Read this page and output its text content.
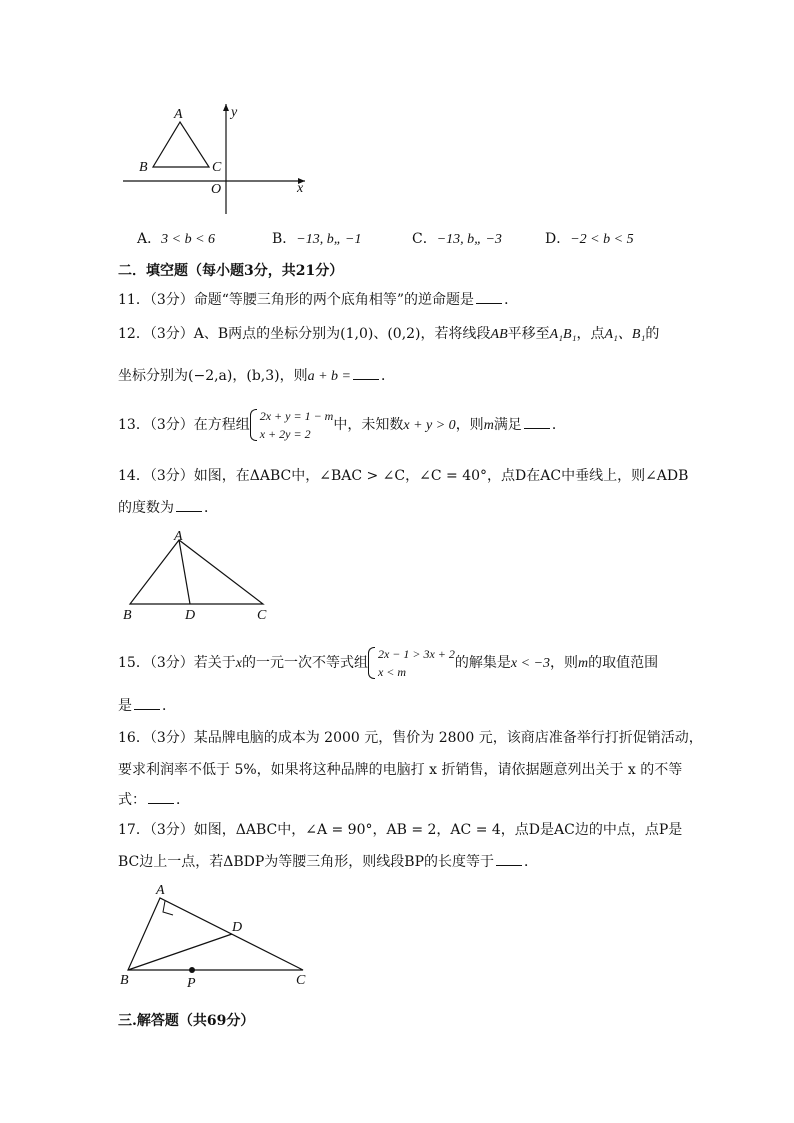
A
B	C
O	x
y
A．3 < b < 6	B．−13, b„ −1	C．−13, b„ −3	D．−2 < b < 5
二．填空题（每小题3分，共21分）
11．（3分）命题“等腰三角形的两个底角相等”的逆命题是 ．
12．（3分）A、B两点的坐标分别为(1,0)、(0,2)，若将线段AB平移至A₁B₁，点A₁、B₁的
坐标分别为(−2,a)，(b,3)，则a + b = ．
13．（3分）在方程组2x + y = 1 − m
x + 2y = 2中，未知数x + y > 0，则m满足 ．
14．（3分）如图，在ΔABC中，∠BAC > ∠C，∠C = 40°，点D在AC中垂线上，则∠ADB
的度数为 ．
A
B	D	C
15．（3分）若关于x的一元一次不等式组2x − 1 > 3x + 2
x < m的解集是x < −3，则m的取值范围
是 ．
16．（3分）某品牌电脑的成本为 2000 元，售价为 2800 元，该商店准备举行打折促销活动，
要求利润率不低于 5%，如果将这种品牌的电脑打 x 折销售，请依据题意列出关于 x 的不等
式： ．
17．（3分）如图，ΔABC中，∠A = 90°，AB = 2，AC = 4，点D是AC边的中点，点P是
BC边上一点，若ΔBDP为等腰三角形，则线段BP的长度等于 ．
A
B	C
D
P
三.解答题（共69分）
